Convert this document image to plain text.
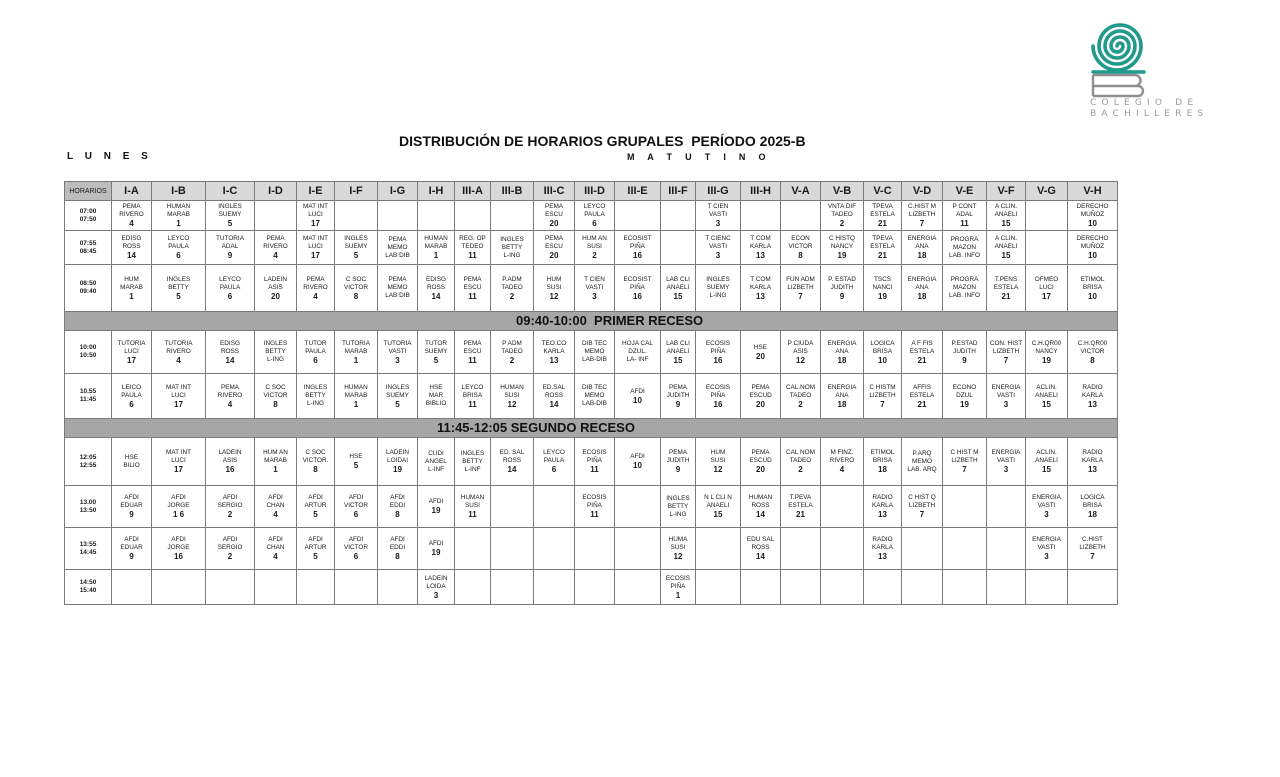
COLEGIO DE
BACHILLERES
DISTRIBUCIÓN DE HORARIOS GRUPALES  PERÍODO 2025-B
L U N E S	M A T U T I N O
HORARIOS	I-A	I-B	I-C	I-D	I-E	I-F	I-G	I-H	III-A	III-B	III-C	III-D	III-E	III-F	III-G	III-H	V-A	V-B	V-C	V-D	V-E	V-F	V-G	V-H

07:00
07:50	PEMA
RIVERO
4	HUMAN
MARAB
1	INGLES
SUEMY
5		MAT INT
LUCI
17						PEMA
ESCU
20	LEYCO
PAULA
6			T CIEN
VASTI
3			VNTA DIF
TADEO
2	TPEVA
ESTELA
21	C.HIST M
LIZBETH
7	P CONT
ADAL
11	A CLIN.
ANAELI
15		DERECHO
MUÑOZ
10

07:55
08:45	EDISG
ROSS
14	LEYCO
PAULA
6	TUTORIA
ADAL
9	PEMA
RIVERO
4	MAT INT
LUCI
17	INGLES
SUEMY
5	PEMA
MEMO
LAB DIB	HUMAN
MARAB
1	REG. OP
TEDEO
11	INGLES
BETTY
L-ING	PEMA
ESCU
20	HUM AN
SUSI
2	ECOSIST
PIÑA
16		T CIENC
VASTI
3	T COM
KARLA
13	ECON
VICTOR
8	C HISTQ
NANCY
19	TPEVA
ESTELA
21	ENERGIA
ANA
18	PROGRA
MAZON
LAB. INFO	A CLIN.
ANAELI
15		DERECHO
MUÑOZ
10

08:50
09:40	HUM
MARAB
1	INGLES
BETTY
5	LEYCO
PAULA
6	LADEIN
ASIS
20	PEMA
RIVERO
4	C SOC
VICTOR
8	PEMA
MEMO
LAB DIB	EDISG
ROSS
14	PEMA
ESCU
11	P.ADM
TADEO
2	HUM
SUSI
12	T CIEN
VASTI
3	ECOSIST
PIÑA
16	LAB CLI
ANAELI
15	INGLES
SUEMY
L-ING	T COM
KARLA
13	FUN ADM
LIZBETH
7	P. ESTAD
JUDITH
9	TSCS
NANCI
19	ENERGIA
ANA
18	PROGRA
MAZON
LAB. INFO	T.PENS
ESTELA
21	OFMEO
LUCI
17	ETIMOL
BRISA
10

09:40-10:00  PRIMER RECESO																								

10:00
10:50	TUTORIA
LUCI
17	TUTORIA
RIVERO
4	EDISG
ROSS
14	INGLES
BETTY
L-ING	TUTOR
PAULA
6	TUTORIA
MARAB
1	TUTORIA
VASTI
3	TUTOR
SUEMY
5	PEMA
ESCU
11	P ADM
TADEO
2	TEO.CO
KARLA
13	DIB TEC
MEMO
LAB-DIB	HOJA CAL
DZUL.
LA- INF	LAB CLI
ANAELI
15	ECOSIS
PIÑA
16	HSE
20	P CIUDA
ASIS
12	ENERGIA
ANA
18	LOGICA
BRISA
10	A F FIS
ESTELA
21	P.ESTAD
JUDITH
9	CON. HIST
LIZBETH
7	C.H.QR00
NANCY
19	C.H.QR00
VICTOR
8

10.55
11:45	LEICO
PAULA
6	MAT INT
LUCI
17	PEMA
RIVERO
4	C SOC
VICTOR
8	INGLES
BETTY
L-ING	HUMAN
MARAB
1	INGLES
SUEMY
5	HSE
MAR
BIBLIO	LEYCO
BRISA
11	HUMAN
SUSI
12	ED.SAL
ROSS
14	DIB TEC
MEMO
LAB-DIB	AFDI
10	PEMA
JUDITH
9	ECOSIS
PIÑA
16	PEMA
ESCUD
20	CAL.NOM
TADEO
2	ENERGIA
ANA
18	C HISTM
LIZBETH
7	AFFIS
ESTELA
21	ECONO
DZUL
19	ENERGIA
VASTI
3	ACLIN.
ANAELI
15	RADIO
KARLA
13

11:45-12:05 SEGUNDO RECESO																								

12:05
12:55	HSE
BILIO	MAT INT
LUCI
17	LADEIN
ASIS
16	HUM AN
MARAB
1	C SOC
VICTOR.
8	HSE
5	LADEIN
LOIDAI
19	CUDI
ANGEL
L-INF	INGLES
BETTY
L-INF	ED. SAL
ROSS
14	LEYCO
PAULA
6	ECOSIS
PIÑA
11	AFDI
10	PEMA
JUDITH
9	HUM
SUSI
12	PEMA
ESCUD
20	CAL NOM
TADEO
2	M FINZ.
RIVERO
4	ETIMOL
BRISA
18	P.ARQ
MEMO
LAB. ARQ	C HIST M
LIZBETH
7	ENERGIA
VASTI
3	ACLIN.
ANAELI
15	RADIO
KARLA
13

13.00
13:50	AFDI
EDUAR
9	AFDI
JORGE
1 6	AFDI
SERGIO
2	AFDI
CHAN
4	AFDI
ARTUR
5	AFDI
VICTOR
6	AFDI
EDDI
8	AFDI
19	HUMAN
SUSI
11			ECOSIS
PIÑA
11		INGLES
BETTY
L-ING	N L CLI N
ANAELI
15	HUMAN
ROSS
14	T.PEVA
ESTELA
21		RADIO
KARLA
13	C HIST Q
LIZBETH
7			ENERGIA
VASTI
3	LOGICA
BRISA
18

13:55
14:45	AFDI
EDUAR
9	AFDI
JORGE
16	AFDI
SERGIO
2	AFDI
CHAN
4	AFDI
ARTUR
5	AFDI
VICTOR
6	AFDI
EDDI
8	AFDI
19						HUMA
SUSI
12		EDU SAL
ROSS
14			RADIO
KARLA
13				ENERGIA
VASTI
3	C.HIST
LIZBETH
7

14:50
15:40								LADEIN
LOIDA
3						ECOSIS
PIÑA
1										
